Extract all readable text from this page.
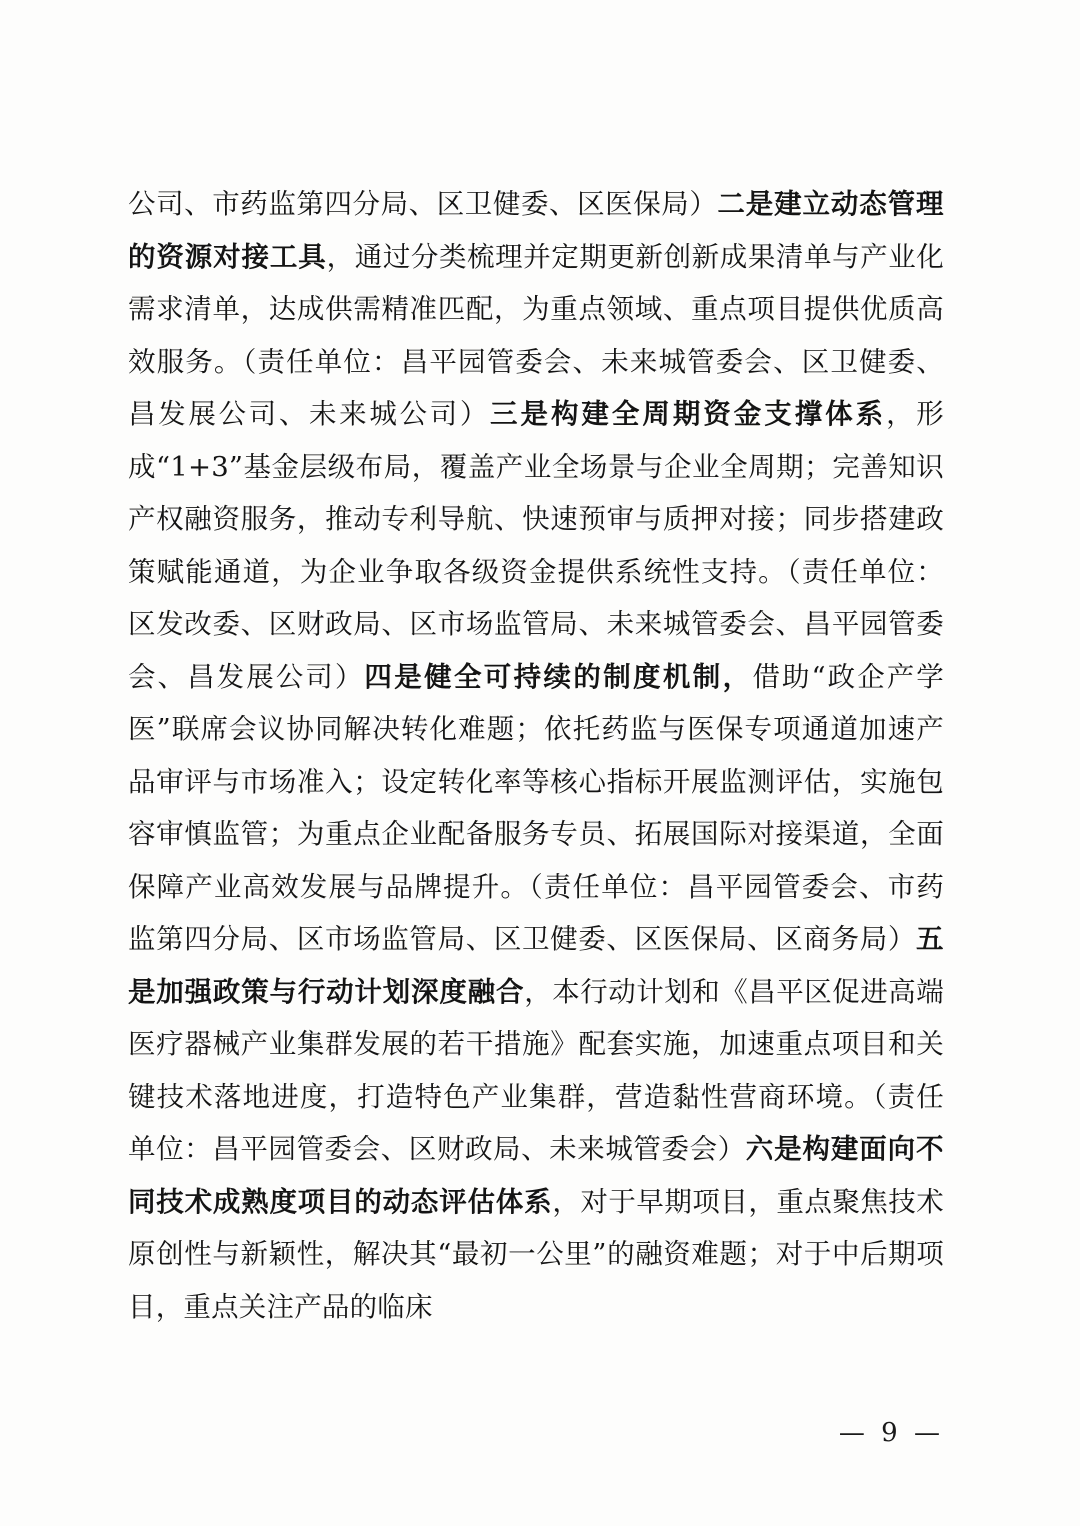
公司、市药监第四分局、区卫健委、区医保局）二是建立动态管理的资源对接工具，通过分类梳理并定期更新创新成果清单与产业化需求清单，达成供需精准匹配，为重点领域、重点项目提供优质高效服务。（责任单位：昌平园管委会、未来城管委会、区卫健委、昌发展公司、未来城公司）三是构建全周期资金支撑体系，形成“1+3”基金层级布局，覆盖产业全场景与企业全周期；完善知识产权融资服务，推动专利导航、快速预审与质押对接；同步搭建政策赋能通道，为企业争取各级资金提供系统性支持。（责任单位：区发改委、区财政局、区市场监管局、未来城管委会、昌平园管委会、昌发展公司）四是健全可持续的制度机制，借助“政企产学医”联席会议协同解决转化难题；依托药监与医保专项通道加速产品审评与市场准入；设定转化率等核心指标开展监测评估，实施包容审慎监管；为重点企业配备服务专员、拓展国际对接渠道，全面保障产业高效发展与品牌提升。（责任单位：昌平园管委会、市药监第四分局、区市场监管局、区卫健委、区医保局、区商务局）五是加强政策与行动计划深度融合，本行动计划和《昌平区促进高端医疗器械产业集群发展的若干措施》配套实施，加速重点项目和关键技术落地进度，打造特色产业集群，营造黏性营商环境。（责任单位：昌平园管委会、区财政局、未来城管委会）六是构建面向不同技术成熟度项目的动态评估体系，对于早期项目，重点聚焦技术原创性与新颖性，解决其“最初一公里”的融资难题；对于中后期项目，重点关注产品的临床

— 9 —
